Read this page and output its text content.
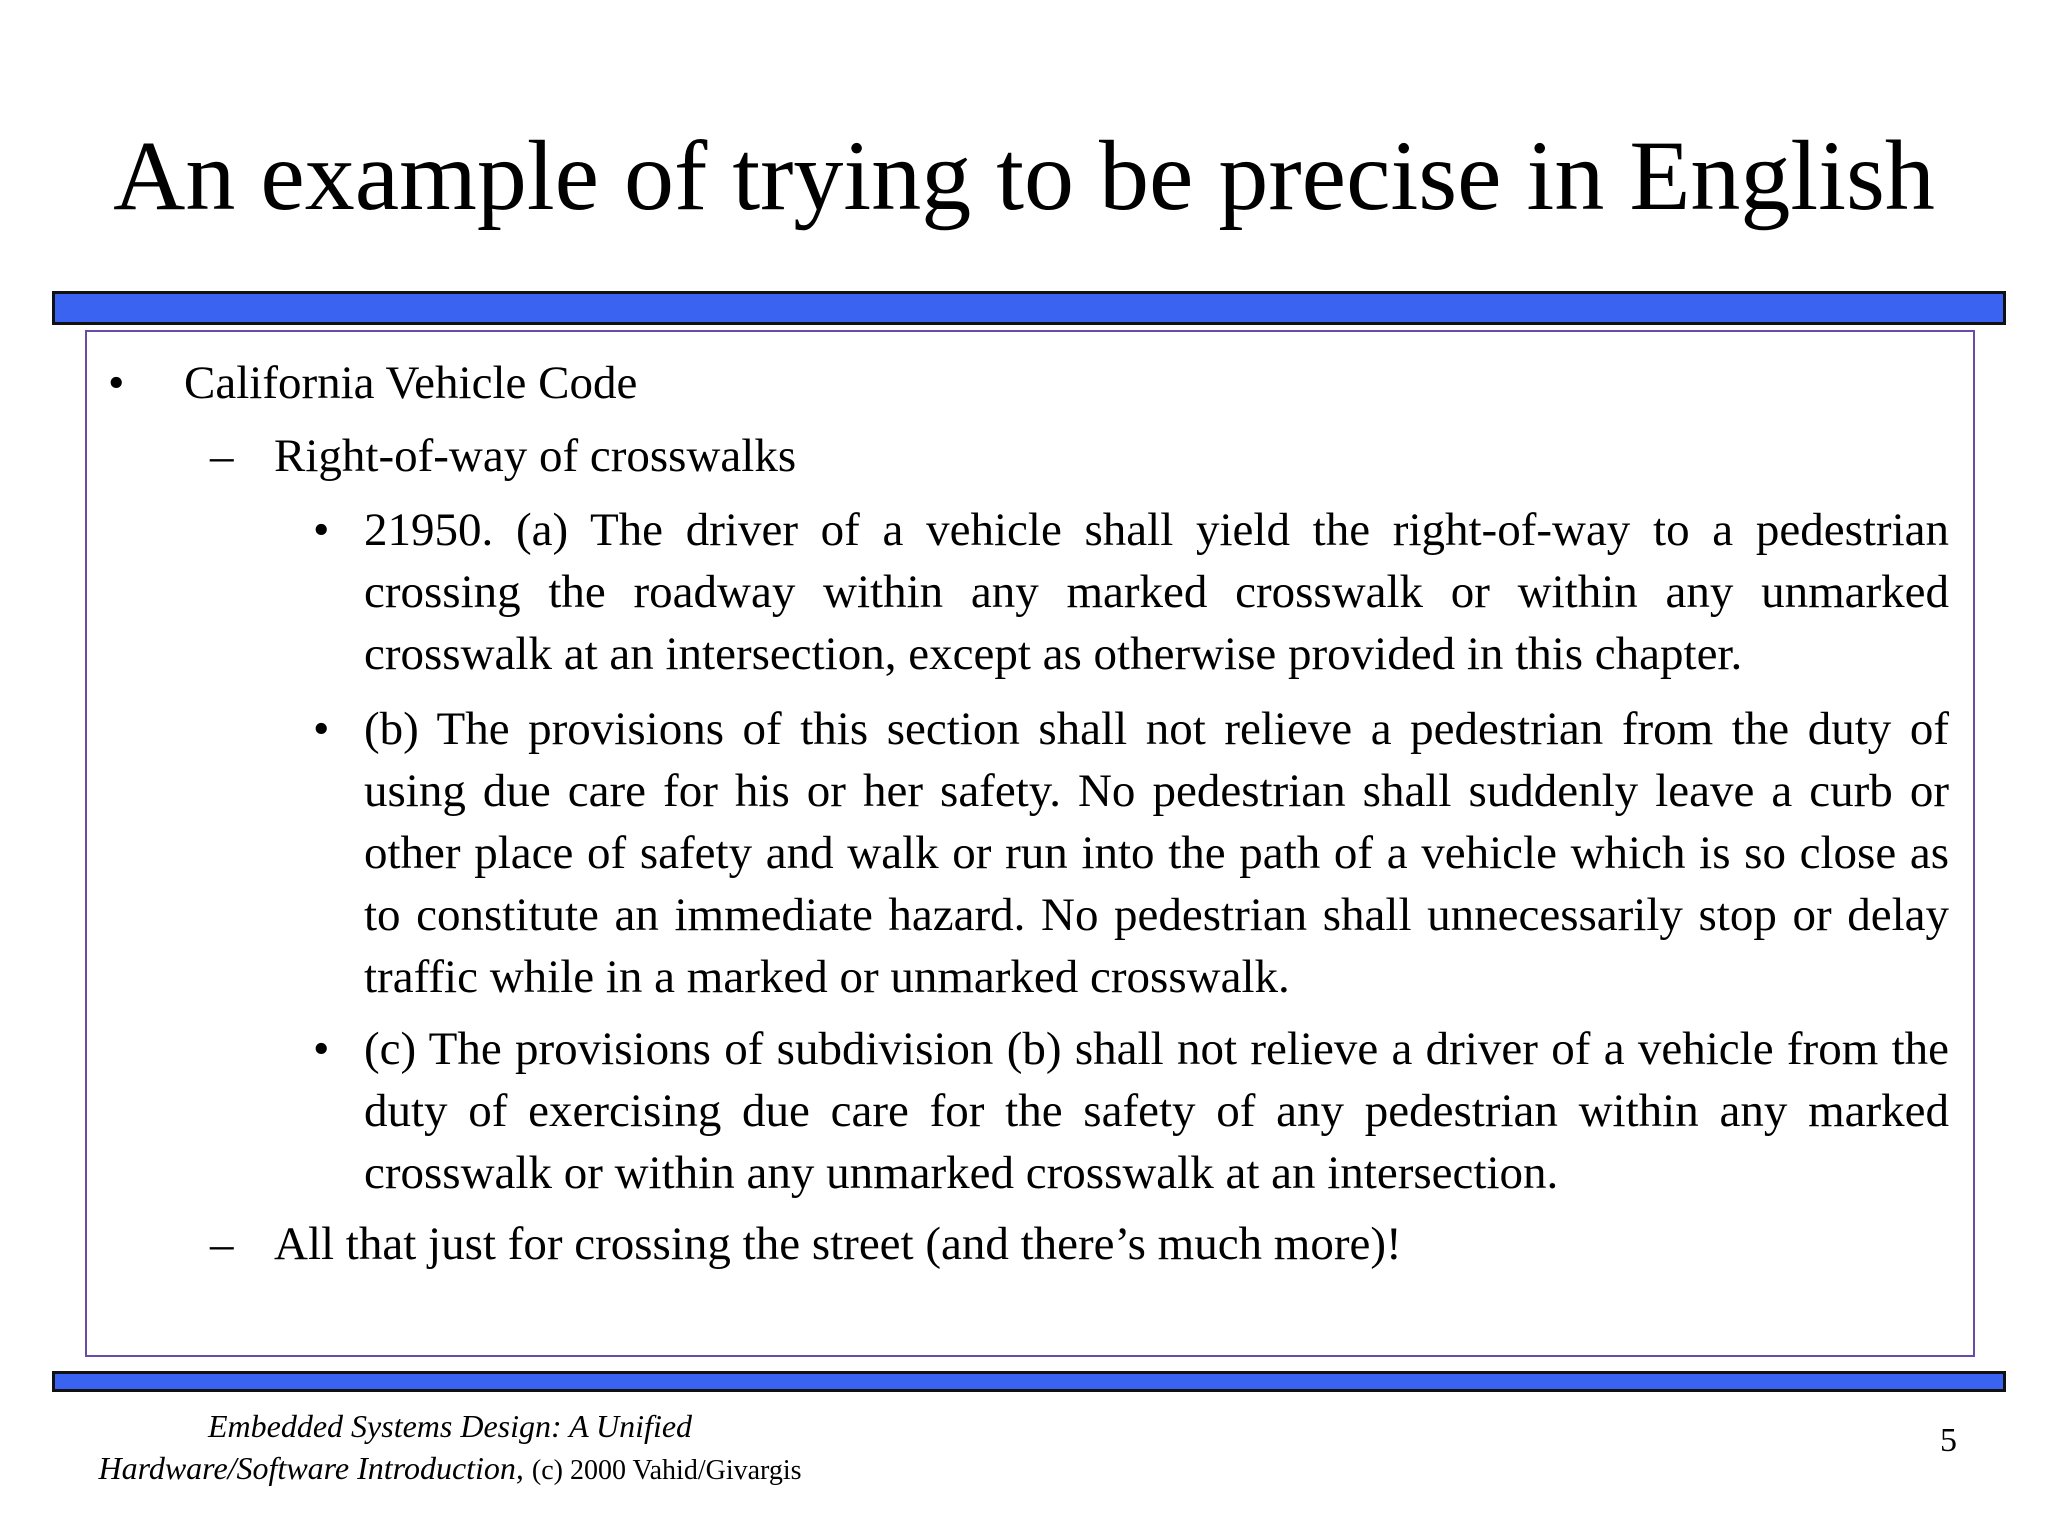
An example of trying to be precise in English
• California Vehicle Code
– Right-of-way of crosswalks
• 21950. (a) The driver of a vehicle shall yield the right-of-way to a pedestrian crossing the roadway within any marked crosswalk or within any unmarked crosswalk at an intersection, except as otherwise provided in this chapter.
• (b) The provisions of this section shall not relieve a pedestrian from the duty of using due care for his or her safety. No pedestrian shall suddenly leave a curb or other place of safety and walk or run into the path of a vehicle which is so close as to constitute an immediate hazard. No pedestrian shall unnecessarily stop or delay traffic while in a marked or unmarked crosswalk.
• (c) The provisions of subdivision (b) shall not relieve a driver of a vehicle from the duty of exercising due care for the safety of any pedestrian within any marked crosswalk or within any unmarked crosswalk at an intersection.
– All that just for crossing the street (and there’s much more)!
Embedded Systems Design: A Unified
Hardware/Software Introduction, (c) 2000 Vahid/Givargis
5
